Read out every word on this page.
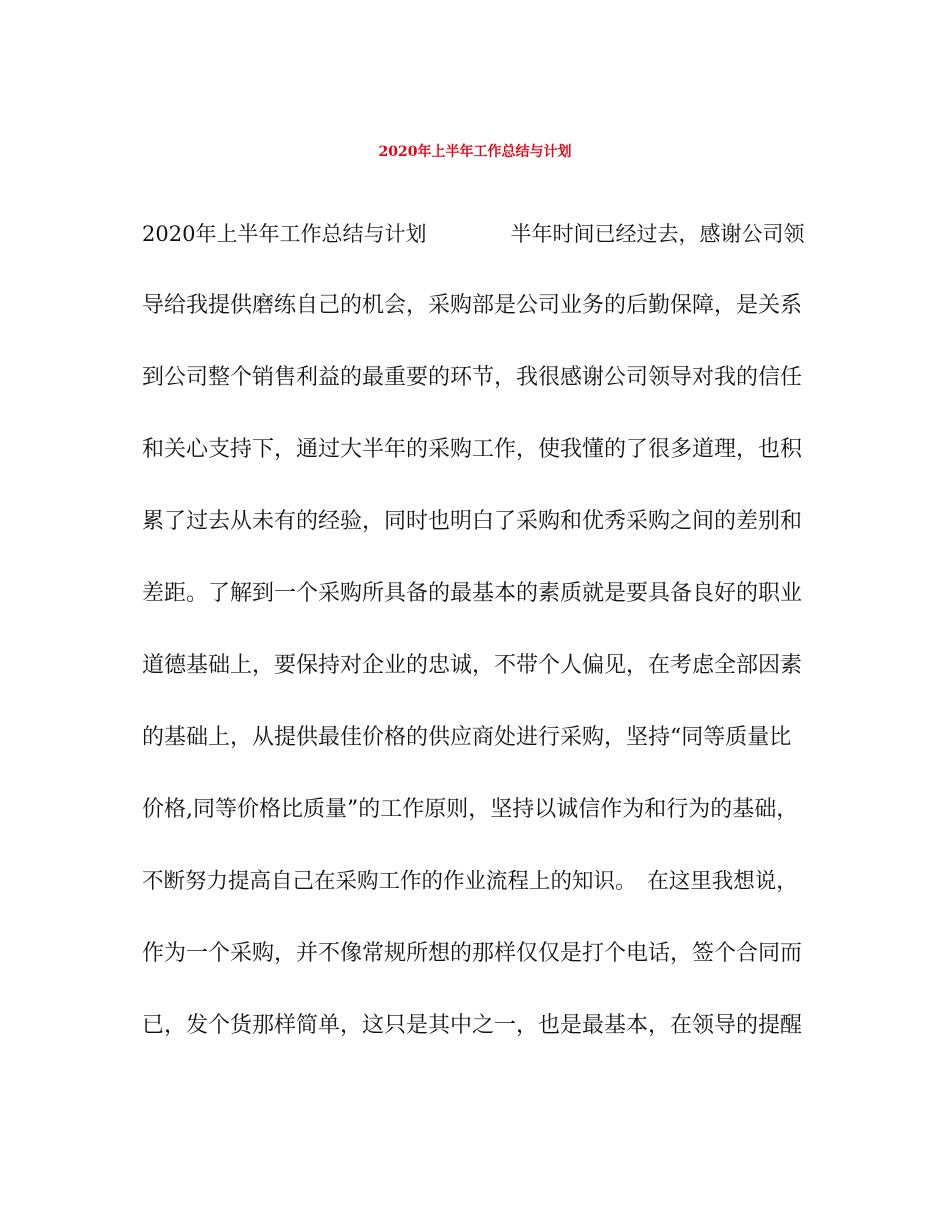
2020年上半年工作总结与计划
2020年上半年工作总结与计划　　　　半年时间已经过去，感谢公司领
导给我提供磨练自己的机会，采购部是公司业务的后勤保障，是关系
到公司整个销售利益的最重要的环节，我很感谢公司领导对我的信任
和关心支持下，通过大半年的采购工作，使我懂的了很多道理，也积
累了过去从未有的经验，同时也明白了采购和优秀采购之间的差别和
差距。了解到一个采购所具备的最基本的素质就是要具备良好的职业
道德基础上，要保持对企业的忠诚，不带个人偏见，在考虑全部因素
的基础上，从提供最佳价格的供应商处进行采购，坚持“同等质量比
价格,同等价格比质量”的工作原则，坚持以诚信作为和行为的基础，
不断努力提高自己在采购工作的作业流程上的知识。　在这里我想说，
作为一个采购，并不像常规所想的那样仅仅是打个电话，签个合同而
已，发个货那样简单，这只是其中之一，也是最基本，在领导的提醒
